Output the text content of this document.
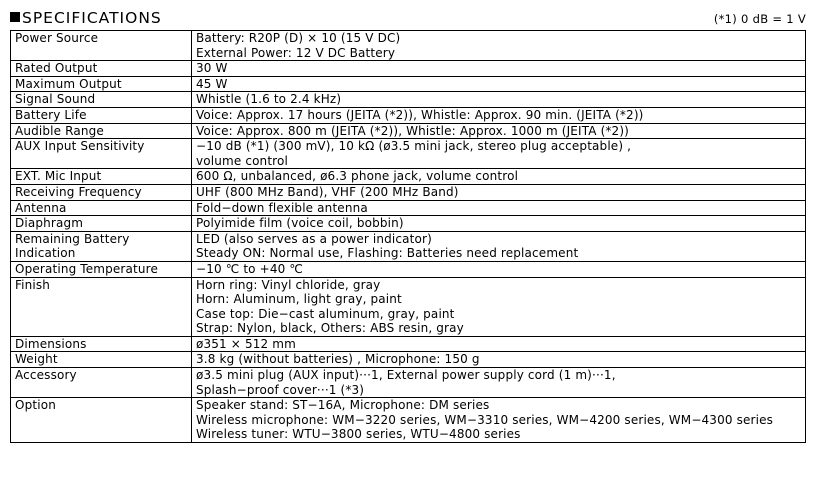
SPECIFICATIONS	(*1) 0 dB = 1 V
Power Source	Battery: R20P (D) × 10 (15 V DC)
External Power: 12 V DC Battery

Rated Output	30 W

Maximum Output	45 W

Signal Sound	Whistle (1.6 to 2.4 kHz)

Battery Life	Voice: Approx. 17 hours (JEITA (*2)), Whistle: Approx. 90 min. (JEITA (*2))

Audible Range	Voice: Approx. 800 m (JEITA (*2)), Whistle: Approx. 1000 m (JEITA (*2))

AUX Input Sensitivity	−10 dB (*1) (300 mV), 10 kΩ (ø3.5 mini jack, stereo plug acceptable) ,
volume control

EXT. Mic Input	600 Ω, unbalanced, ø6.3 phone jack, volume control

Receiving Frequency	UHF (800 MHz Band), VHF (200 MHz Band)

Antenna	Fold−down flexible antenna

Diaphragm	Polyimide film (voice coil, bobbin)

Remaining Battery
Indication	LED (also serves as a power indicator)
Steady ON: Normal use, Flashing: Batteries need replacement

Operating Temperature	−10 ℃ to +40 ℃

Finish	Horn ring: Vinyl chloride, gray
Horn: Aluminum, light gray, paint
Case top: Die−cast aluminum, gray, paint
Strap: Nylon, black, Others: ABS resin, gray

Dimensions	ø351 × 512 mm

Weight	3.8 kg (without batteries) , Microphone: 150 g

Accessory	ø3.5 mini plug (AUX input)···1, External power supply cord (1 m)···1,
Splash−proof cover···1 (*3)

Option	Speaker stand: ST−16A, Microphone: DM series
Wireless microphone: WM−3220 series, WM−3310 series, WM−4200 series, WM−4300 series
Wireless tuner: WTU−3800 series, WTU−4800 series
